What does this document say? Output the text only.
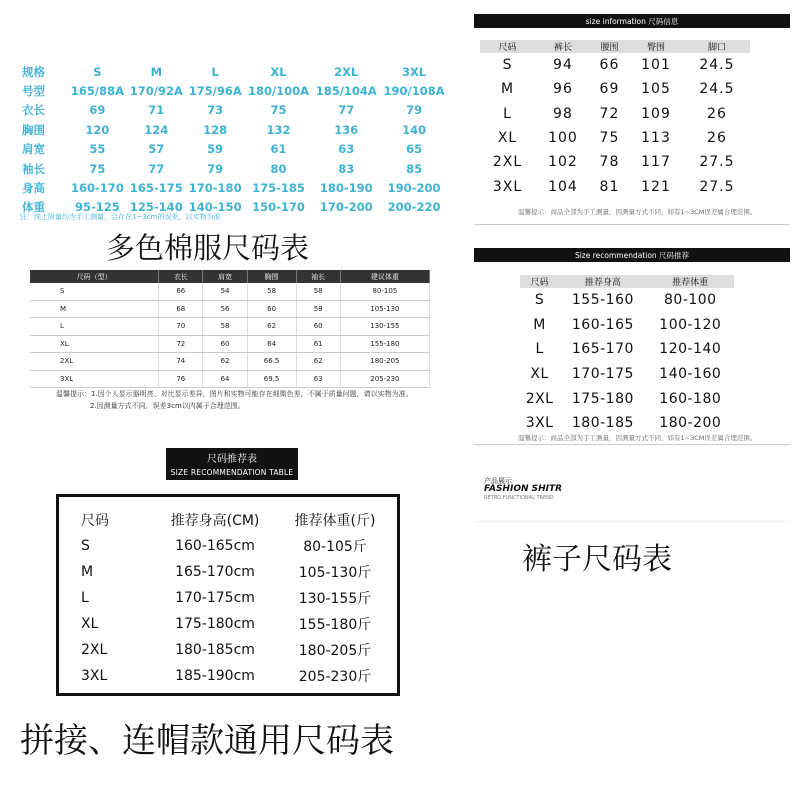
规格	S	M	L	XL	2XL	3XL
号型	165/88A	170/92A	175/96A	180/100A	185/104A	190/108A
衣长	69	71	73	75	77	79
胸围	120	124	128	132	136	140
肩宽	55	57	59	61	63	65
袖长	75	77	79	80	83	85
身高	160-170	165-175	170-180	175-185	180-190	190-200
体重	95-125	125-140	140-150	150-170	170-200	200-220
注：纯上附量均为手工测量，会存在1~3cm的误差，以实物为准
多色棉服尺码表
尺码（型）	衣长	肩宽	胸围	袖长	建议体重
S	66	54	58	58	80-105
M	68	56	60	59	105-130
L	70	58	62	60	130-155
XL	72	60	64	61	155-180
2XL	74	62	66.5	62	180-205
3XL	76	64	69.5	63	205-230
温馨提示：1.因个人显示器明亮、对比显示差异，图片和实物可能存在细微色差，不属于质量问题，请以实物为准。
2.因测量方式不同，误差3cm以内属于合理范围。
尺码推荐表
SIZE RECOMMENDATION TABLE
尺码	推荐身高(CM)	推荐体重(斤)
S	160-165cm	80-105斤
M	165-170cm	105-130斤
L	170-175cm	130-155斤
XL	175-180cm	155-180斤
2XL	180-185cm	180-205斤
3XL	185-190cm	205-230斤
拼接、连帽款通用尺码表
size information 尺码信息
尺码	裤长	腰围	臀围	脚口
S	94	66	101	24.5
M	96	69	105	24.5
L	98	72	109	26
XL	100	75	113	26
2XL	102	78	117	27.5
3XL	104	81	121	27.5
温馨提示：商品全部为手工测量，因测量方式不同，如有1~3CM误差属合理范围。
Size recommendation 尺码推荐
尺码	推荐身高	推荐体重
S	155-160	80-100
M	160-165	100-120
L	165-170	120-140
XL	170-175	140-160
2XL	175-180	160-180
3XL	180-185	180-200
温馨提示：商品全部为手工测量，因测量方式不同，如有1~3CM误差属合理范围。
产品展示
FASHION SHITR
RETRO FUNCTIONAL TREND
裤子尺码表
